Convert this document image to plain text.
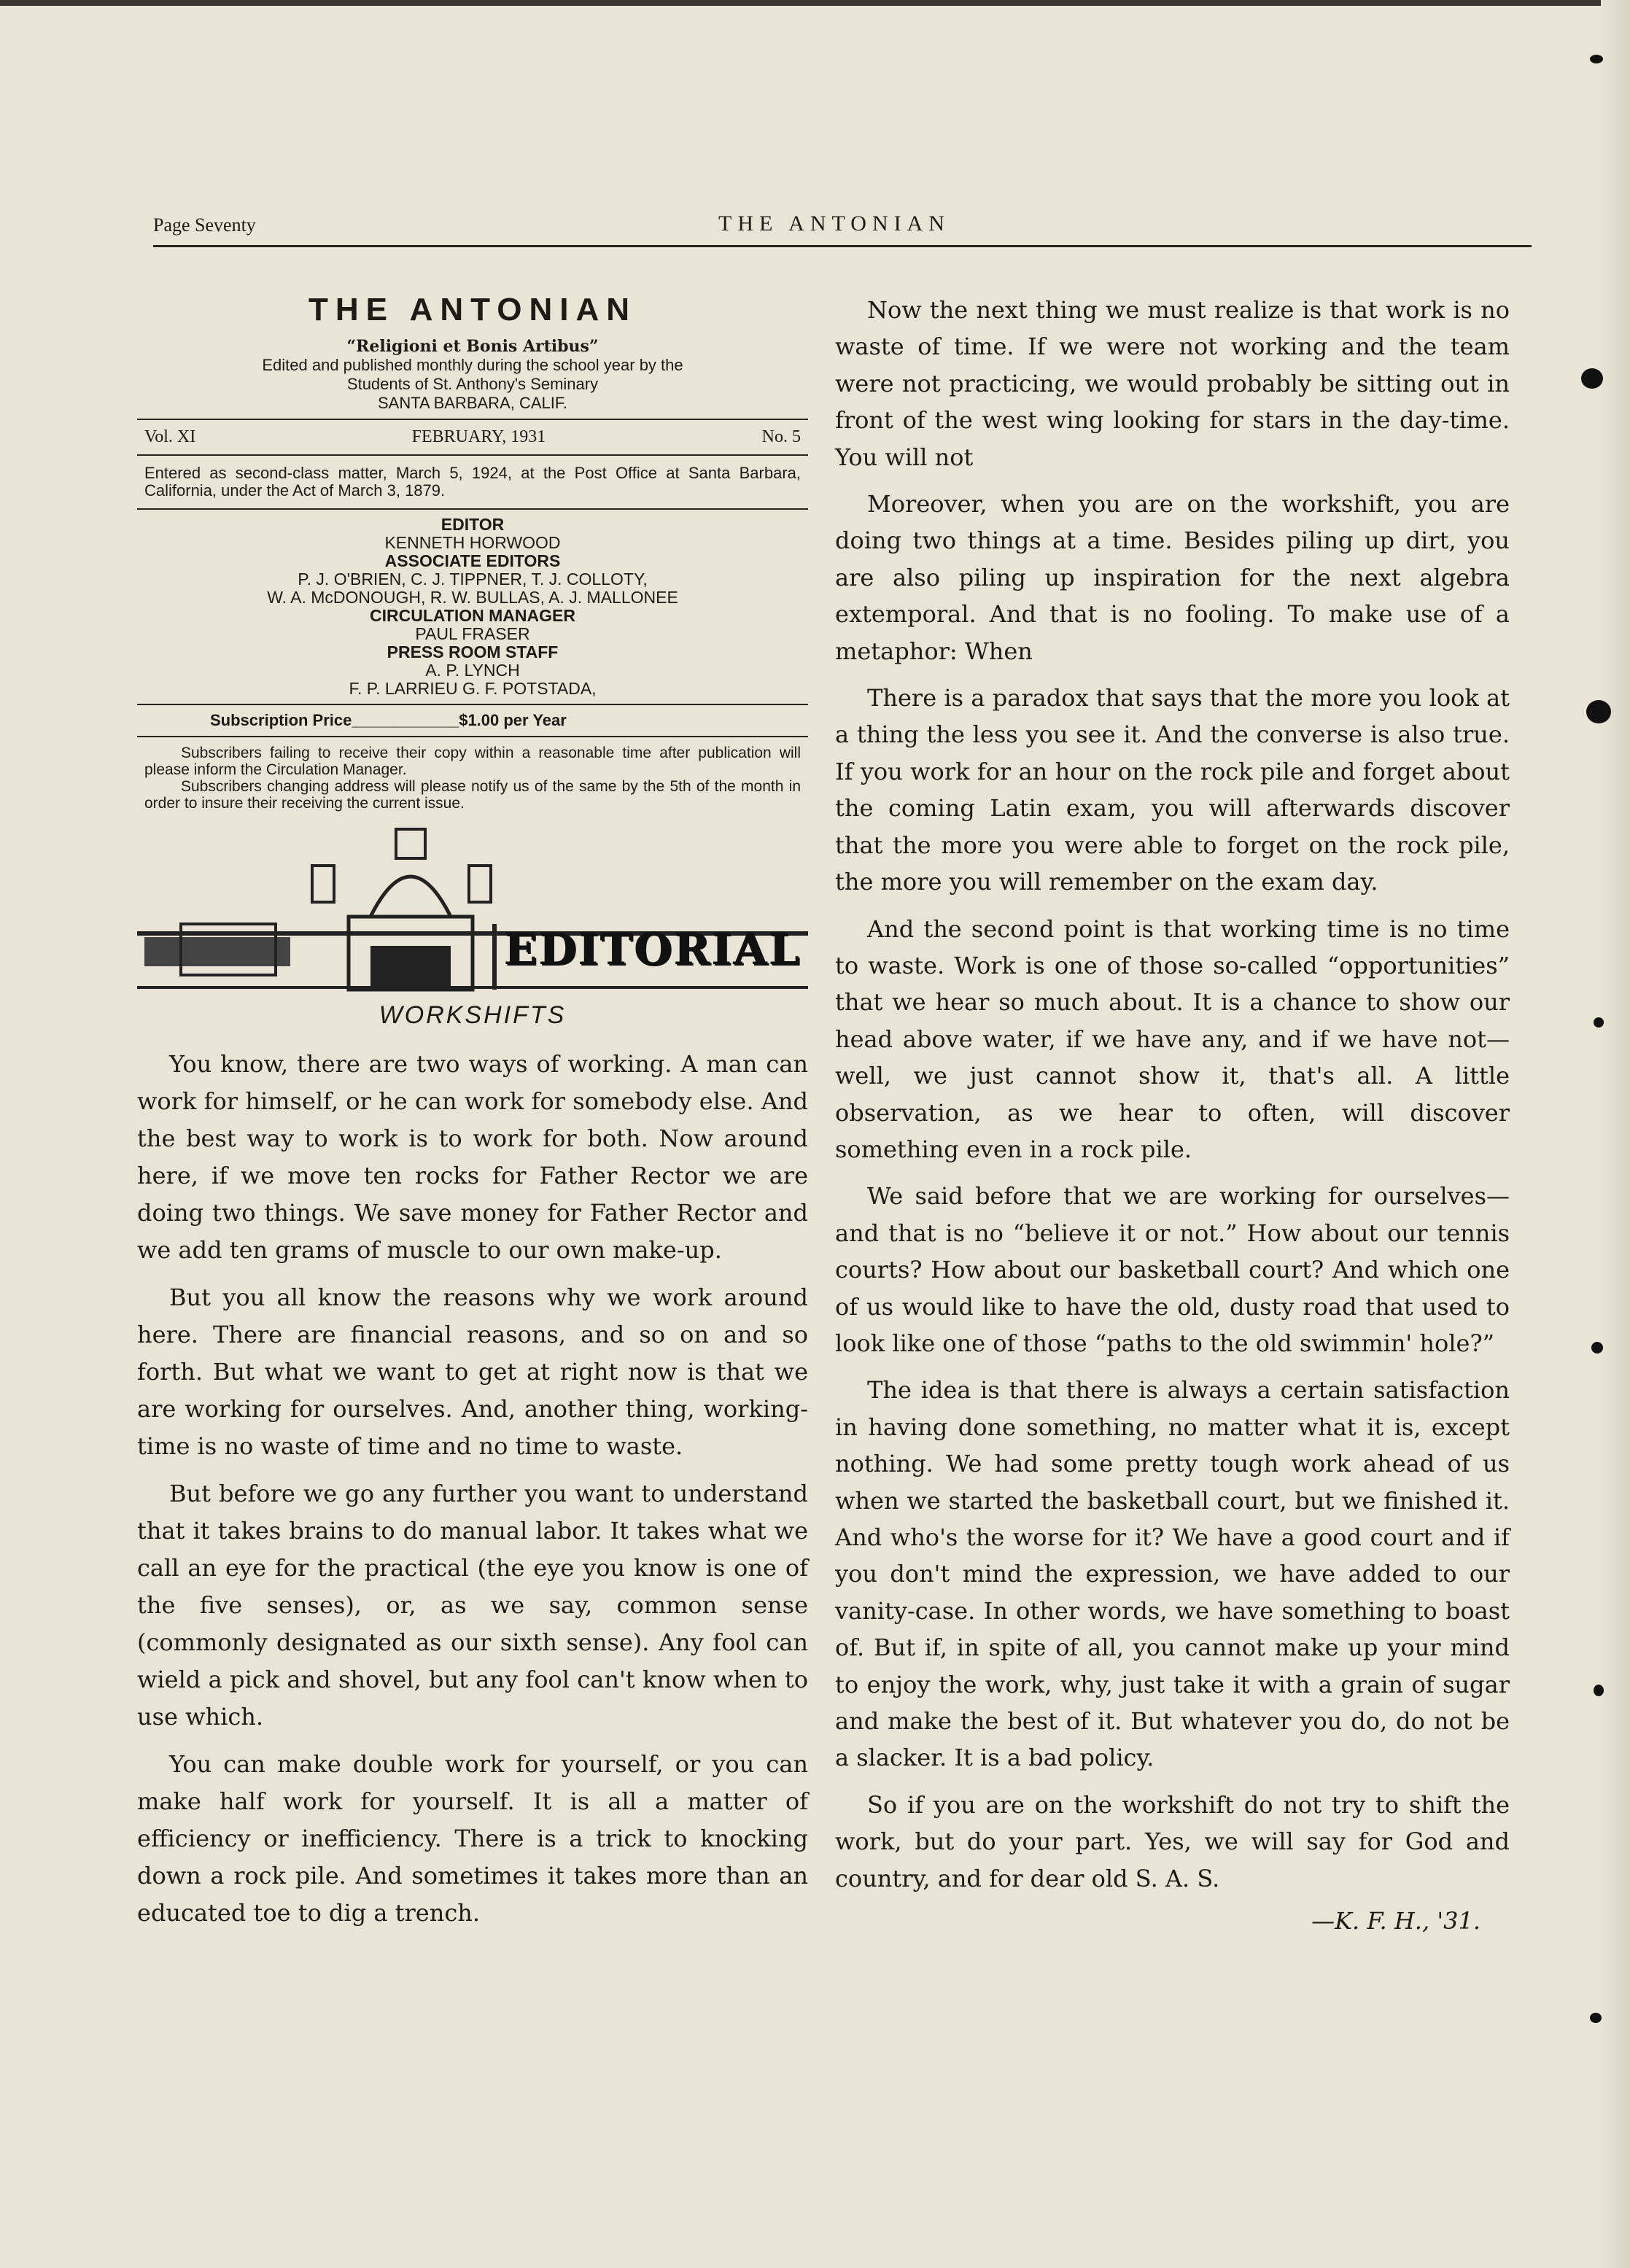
Page Seventy	THE ANTONIAN
THE ANTONIAN
“Religioni et Bonis Artibus”
Edited and published monthly during the school year by the
Students of St. Anthony's Seminary
SANTA BARBARA, CALIF.
Vol. XI	FEBRUARY, 1931	No. 5
Entered as second-class matter, March 5, 1924, at the Post Office at Santa Barbara, California, under the Act of March 3, 1879.
EDITOR
KENNETH HORWOOD
ASSOCIATE EDITORS
P. J. O'BRIEN, C. J. TIPPNER, T. J. COLLOTY,
W. A. McDONOUGH, R. W. BULLAS, A. J. MALLONEE
CIRCULATION MANAGER
PAUL FRASER
PRESS ROOM STAFF
A. P. LYNCH
F. P. LARRIEU G. F. POTSTADA,
Subscription Price____________$1.00 per Year

Subscribers failing to receive their copy within a reasonable time after publication will please inform the Circulation Manager.

Subscribers changing address will please notify us of the same by the 5th of the month in order to insure their receiving the current issue.

EDITORIAL
WORKSHIFTS

You know, there are two ways of working. A man can work for himself, or he can work for somebody else. And the best way to work is to work for both. Now around here, if we move ten rocks for Father Rector we are doing two things. We save money for Father Rector and we add ten grams of muscle to our own make-up.

But you all know the reasons why we work around here. There are financial reasons, and so on and so forth. But what we want to get at right now is that we are working for ourselves. And, another thing, working-time is no waste of time and no time to waste.

But before we go any further you want to understand that it takes brains to do manual labor. It takes what we call an eye for the practical (the eye you know is one of the five senses), or, as we say, common sense (commonly designated as our sixth sense). Any fool can wield a pick and shovel, but any fool can't know when to use which.

You can make double work for yourself, or you can make half work for yourself. It is all a matter of efficiency or inefficiency. There is a trick to knocking down a rock pile. And sometimes it takes more than an educated toe to dig a trench.

Now the next thing we must realize is that work is no waste of time. If we were not working and the team were not practicing, we would probably be sitting out in front of the west wing looking for stars in the day-time. You will not

Moreover, when you are on the workshift, you are doing two things at a time. Besides piling up dirt, you are also piling up inspiration for the next algebra extemporal. And that is no fooling. To make use of a metaphor: When

There is a paradox that says that the more you look at a thing the less you see it. And the converse is also true. If you work for an hour on the rock pile and forget about the coming Latin exam, you will afterwards discover that the more you were able to forget on the rock pile, the more you will remember on the exam day.

And the second point is that working time is no time to waste. Work is one of those so-called “opportunities” that we hear so much about. It is a chance to show our head above water, if we have any, and if we have not—well, we just cannot show it, that's all. A little observation, as we hear to often, will discover something even in a rock pile.

We said before that we are working for ourselves—and that is no “believe it or not.” How about our tennis courts? How about our basketball court? And which one of us would like to have the old, dusty road that used to look like one of those “paths to the old swimmin' hole?”

The idea is that there is always a certain satisfaction in having done something, no matter what it is, except nothing. We had some pretty tough work ahead of us when we started the basketball court, but we finished it. And who's the worse for it? We have a good court and if you don't mind the expression, we have added to our vanity-case. In other words, we have something to boast of. But if, in spite of all, you cannot make up your mind to enjoy the work, why, just take it with a grain of sugar and make the best of it. But whatever you do, do not be a slacker. It is a bad policy.

So if you are on the workshift do not try to shift the work, but do your part. Yes, we will say for God and country, and for dear old S. A. S.

—K. F. H., '31.
